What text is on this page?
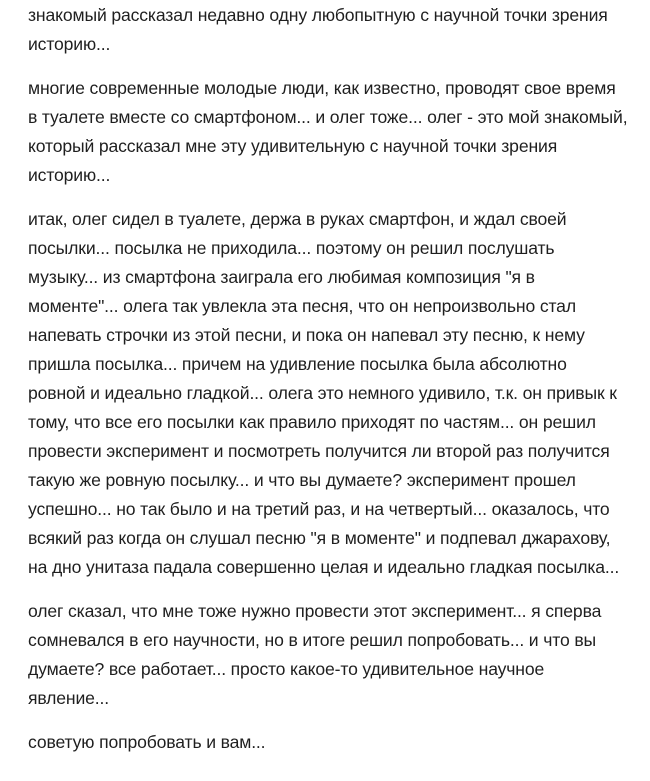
знакомый рассказал недавно одну любопытную с научной точки зрения историю...

многие современные молодые люди, как известно, проводят свое время в туалете вместе со смартфоном... и олег тоже... олег - это мой знакомый, который рассказал мне эту удивительную с научной точки зрения историю...

итак, олег сидел в туалете, держа в руках смартфон, и ждал своей посылки... посылка не приходила... поэтому он решил послушать музыку... из смартфона заиграла его любимая композиция "я в моменте"... олега так увлекла эта песня, что он непроизвольно стал напевать строчки из этой песни, и пока он напевал эту песню, к нему пришла посылка... причем на удивление посылка была абсолютно ровной и идеально гладкой... олега это немного удивило, т.к. он привык к тому, что все его посылки как правило приходят по частям... он решил провести эксперимент и посмотреть получится ли второй раз получится такую же ровную посылку... и что вы думаете? эксперимент прошел успешно... но так было и на третий раз, и на четвертый... оказалось, что всякий раз когда он слушал песню "я в моменте" и подпевал джарахову, на дно унитаза падала совершенно целая и идеально гладкая посылка...

олег сказал, что мне тоже нужно провести этот эксперимент... я сперва сомневался в его научности, но в итоге решил попробовать... и что вы думаете? все работает... просто какое-то удивительное научное явление...

советую попробовать и вам...
